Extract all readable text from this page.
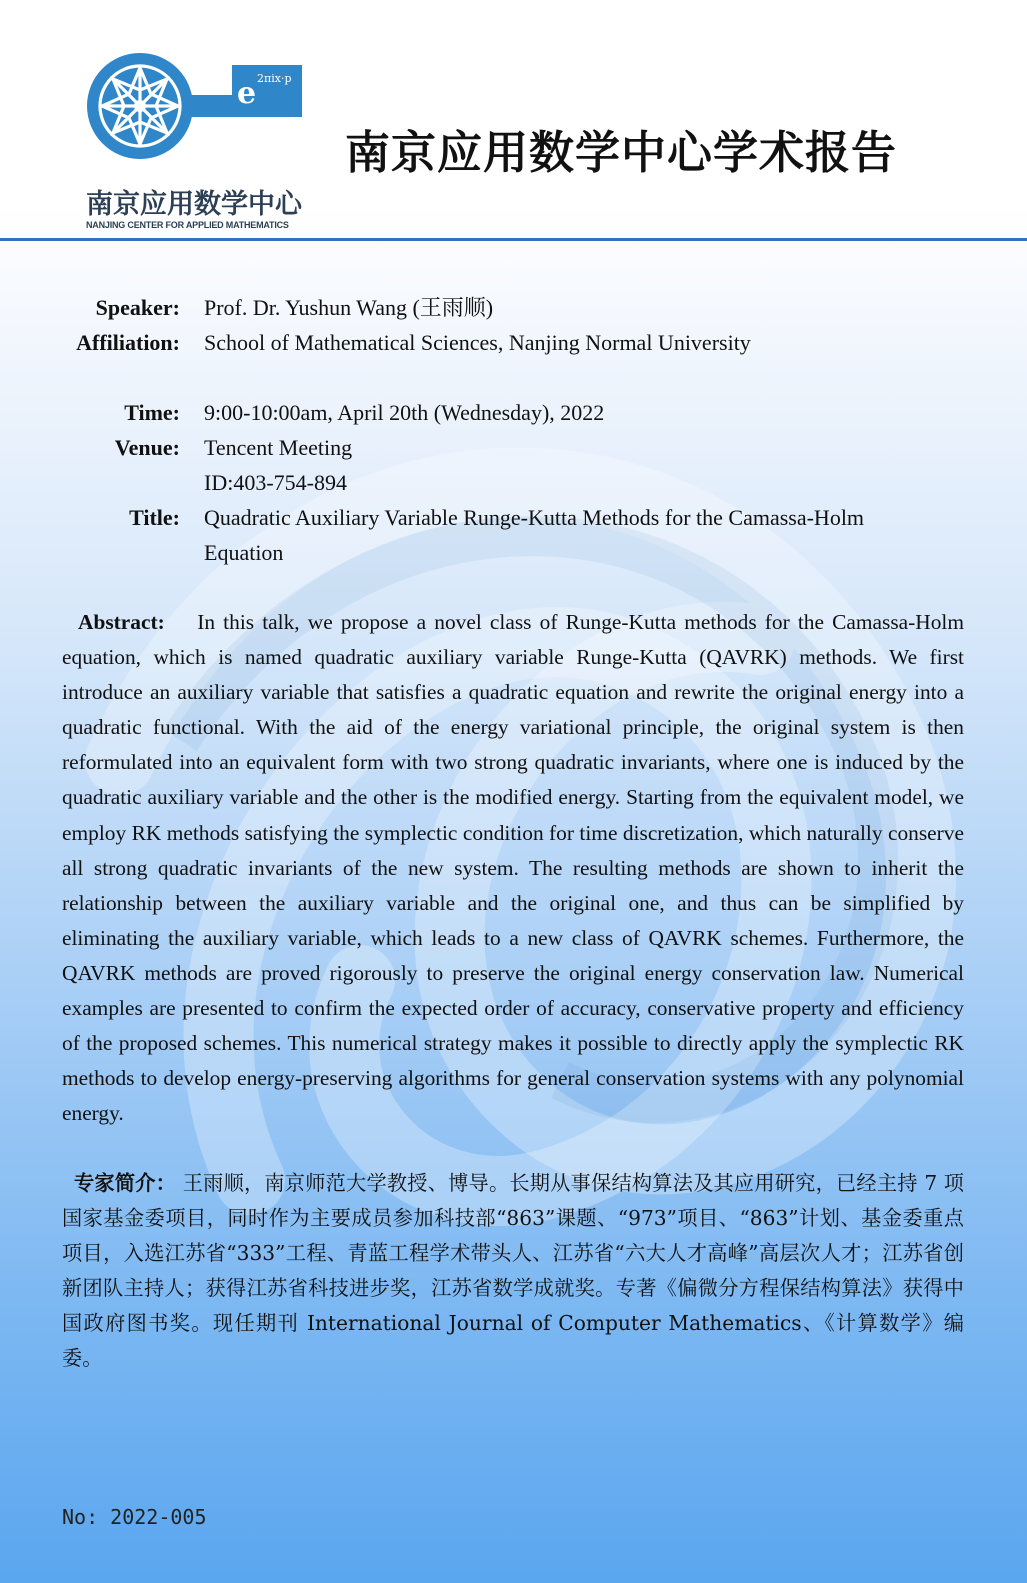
e 2πix·p
南京应用数学中心
NANJING CENTER FOR APPLIED MATHEMATICS
南京应用数学中心学术报告
Speaker: Prof. Dr. Yushun Wang (王雨顺)
Affiliation: School of Mathematical Sciences, Nanjing Normal University
Time: 9:00-10:00am, April 20th (Wednesday), 2022
Venue: Tencent Meeting
ID:403-754-894
Title: Quadratic Auxiliary Variable Runge-Kutta Methods for the Camassa-Holm
Equation
Abstract: In this talk, we propose a novel class of Runge-Kutta methods for the Camassa-Holm equation, which is named quadratic auxiliary variable Runge-Kutta (QAVRK) methods. We first introduce an auxiliary variable that satisfies a quadratic equation and rewrite the original energy into a quadratic functional. With the aid of the energy variational principle, the original system is then reformulated into an equivalent form with two strong quadratic invariants, where one is induced by the quadratic auxiliary variable and the other is the modified energy. Starting from the equivalent model, we employ RK methods satisfying the symplectic condition for time discretization, which naturally conserve all strong quadratic invariants of the new system. The resulting methods are shown to inherit the relationship between the auxiliary variable and the original one, and thus can be simplified by eliminating the auxiliary variable, which leads to a new class of QAVRK schemes. Furthermore, the QAVRK methods are proved rigorously to preserve the original energy conservation law. Numerical examples are presented to confirm the expected order of accuracy, conservative property and efficiency of the proposed schemes. This numerical strategy makes it possible to directly apply the symplectic RK methods to develop energy-preserving algorithms for general conservation systems with any polynomial energy.
专家简介： 王雨顺，南京师范大学教授、博导。长期从事保结构算法及其应用研究，已经主持 7 项国家基金委项目，同时作为主要成员参加科技部“863”课题、“973”项目、“863”计划、基金委重点项目，入选江苏省“333”工程、青蓝工程学术带头人、江苏省“六大人才高峰”高层次人才；江苏省创新团队主持人；获得江苏省科技进步奖，江苏省数学成就奖。专著《偏微分方程保结构算法》获得中国政府图书奖。现任期刊 International Journal of Computer Mathematics、《计算数学》编委。
No: 2022-005
